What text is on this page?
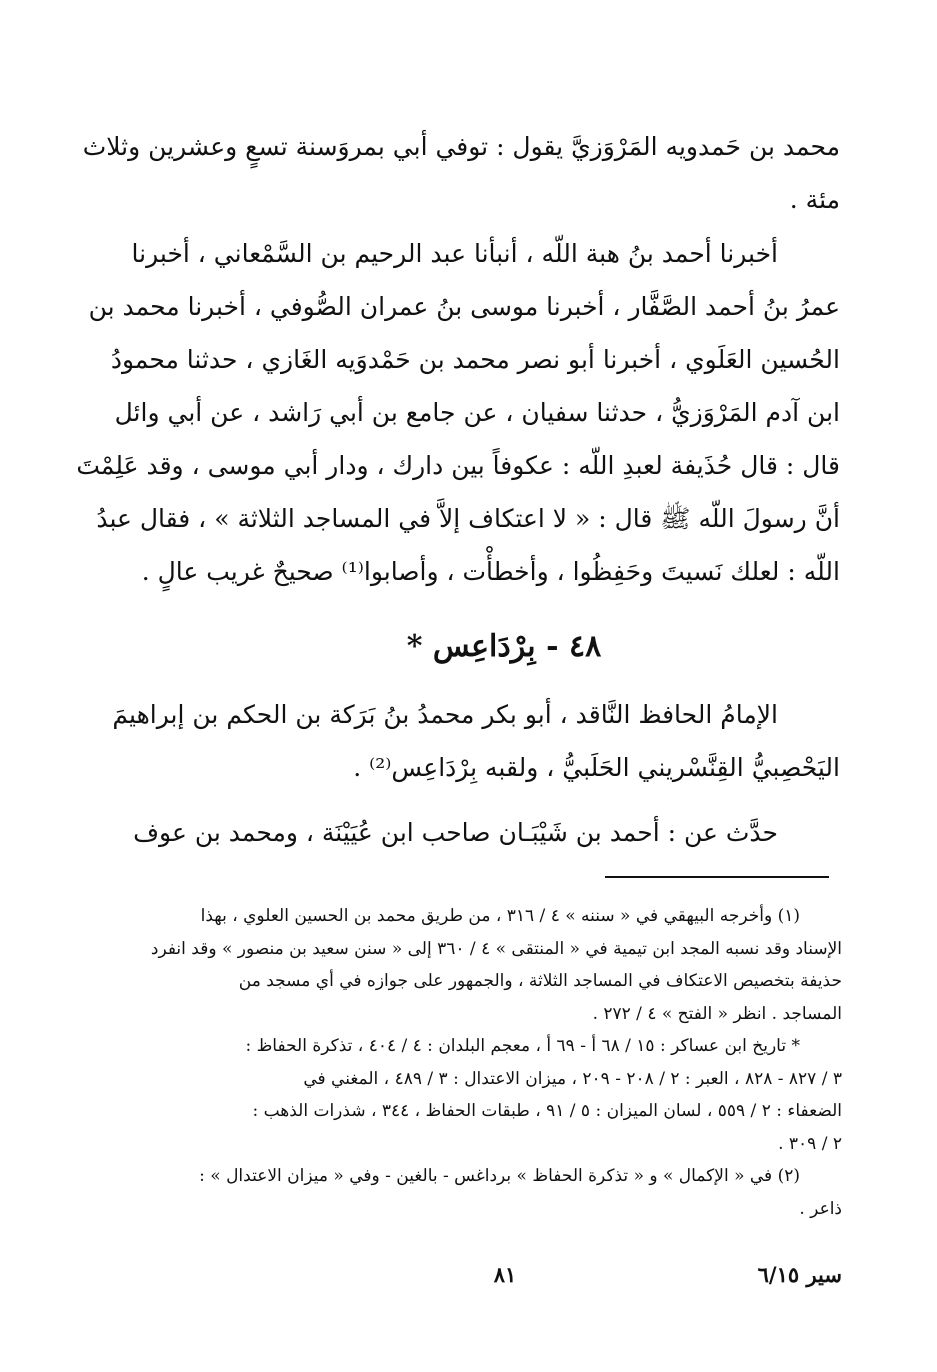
محمد بن حَمدويه المَرْوَزيَّ يقول : توفي أبي بمروَسنة تسعٍ وعشرين وثلاث
مئة .
أخبرنا أحمد بنُ هبة اللّه ، أنبأنا عبد الرحيم بن السَّمْعاني ، أخبرنا
عمرُ بنُ أحمد الصَّفَّار ، أخبرنا موسى بنُ عمران الصُّوفي ، أخبرنا محمد بن
الحُسين العَلَوي ، أخبرنا أبو نصر محمد بن حَمْدوَيه الغَازي ، حدثنا محمودُ
ابن آدم المَرْوَزيُّ ، حدثنا سفيان ، عن جامع بن أبي رَاشد ، عن أبي وائل
قال : قال حُذَيفة لعبدِ اللّه : عكوفاً بين دارك ، ودار أبي موسى ، وقد عَلِمْتَ
أنَّ رسولَ اللّه ﷺ قال : « لا اعتكاف إلاَّ في المساجد الثلاثة » ، فقال عبدُ
اللّه : لعلك نَسيتَ وحَفِظُوا ، وأخطأْت ، وأصابوا⁽¹⁾ صحيحٌ غريب عالٍ .
٤٨ - بِرْدَاعِس *
الإمامُ الحافظ النَّاقد ، أبو بكر محمدُ بنُ بَرَكة بن الحكم بن إبراهيمَ
اليَحْصِبيُّ القِنَّسْريني الحَلَبيُّ ، ولقبه بِرْدَاعِس⁽²⁾ .
حدَّث عن : أحمد بن شَيْبَـان صاحب ابن عُيَيْنَة ، ومحمد بن عوف
(١) وأخرجه البيهقي في « سننه » ٤ / ٣١٦ ، من طريق محمد بن الحسين العلوي ، بهذا
الإسناد وقد نسبه المجد ابن تيمية في « المنتقى » ٤ / ٣٦٠ إلى « سنن سعيد بن منصور » وقد انفرد
حذيفة بتخصيص الاعتكاف في المساجد الثلاثة ، والجمهور على جوازه في أي مسجد من
المساجد . انظر « الفتح » ٤ / ٢٧٢ .
* تاريخ ابن عساكر : ١٥ / ٦٨ أ - ٦٩ أ ، معجم البلدان : ٤ / ٤٠٤ ، تذكرة الحفاظ :
٣ / ٨٢٧ - ٨٢٨ ، العبر : ٢ / ٢٠٨ - ٢٠٩ ، ميزان الاعتدال : ٣ / ٤٨٩ ، المغني في
الضعفاء : ٢ / ٥٥٩ ، لسان الميزان : ٥ / ٩١ ، طبقات الحفاظ ، ٣٤٤ ، شذرات الذهب :
٢ / ٣٠٩ .
(٢) في « الإكمال » و « تذكرة الحفاظ » برداغس - بالغين - وفي « ميزان الاعتدال » :
ذاعر .
سير ٦/١٥
٨١
